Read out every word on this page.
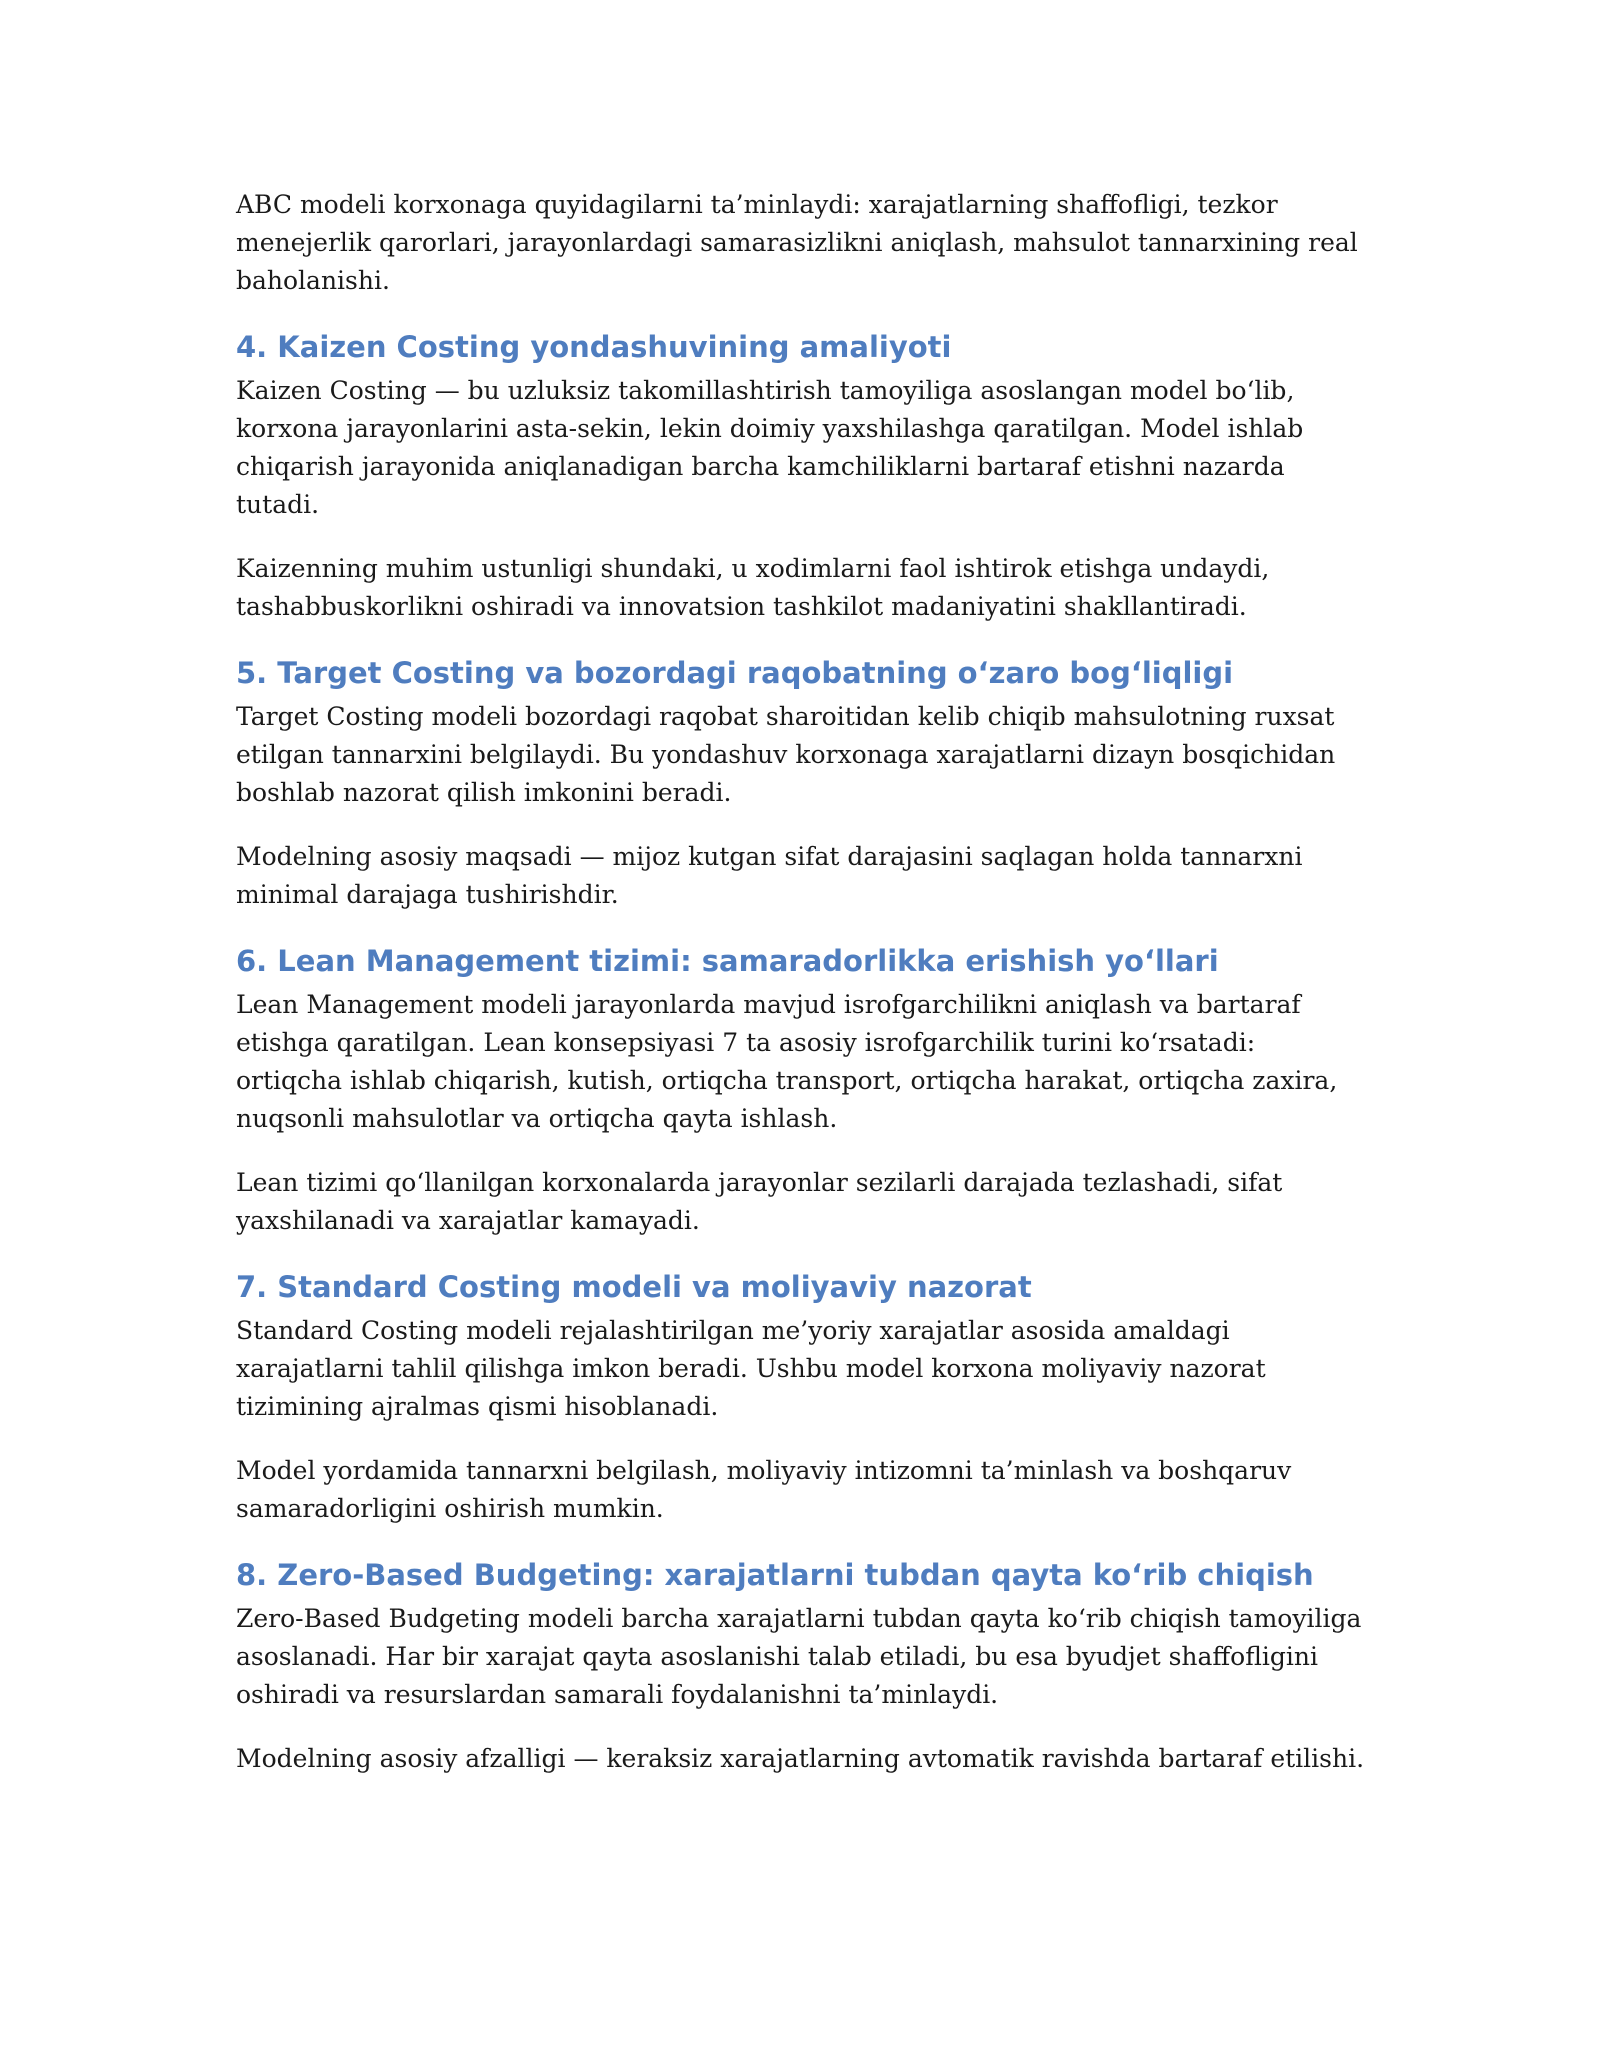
ABC modeli korxonaga quyidagilarni ta’minlaydi: xarajatlarning shaffofligi, tezkor menejerlik qarorlari, jarayonlardagi samarasizlikni aniqlash, mahsulot tannarxining real baholanishi.

4. Kaizen Costing yondashuvining amaliyoti

Kaizen Costing — bu uzluksiz takomillashtirish tamoyiliga asoslangan model bo‘lib, korxona jarayonlarini asta-sekin, lekin doimiy yaxshilashga qaratilgan. Model ishlab chiqarish jarayonida aniqlanadigan barcha kamchiliklarni bartaraf etishni nazarda tutadi.

Kaizenning muhim ustunligi shundaki, u xodimlarni faol ishtirok etishga undaydi, tashabbuskorlikni oshiradi va innovatsion tashkilot madaniyatini shakllantiradi.

5. Target Costing va bozordagi raqobatning o‘zaro bog‘liqligi

Target Costing modeli bozordagi raqobat sharoitidan kelib chiqib mahsulotning ruxsat etilgan tannarxini belgilaydi. Bu yondashuv korxonaga xarajatlarni dizayn bosqichidan boshlab nazorat qilish imkonini beradi.

Modelning asosiy maqsadi — mijoz kutgan sifat darajasini saqlagan holda tannarxni minimal darajaga tushirishdir.

6. Lean Management tizimi: samaradorlikka erishish yo‘llari

Lean Management modeli jarayonlarda mavjud isrofgarchilikni aniqlash va bartaraf etishga qaratilgan. Lean konsepsiyasi 7 ta asosiy isrofgarchilik turini ko‘rsatadi: ortiqcha ishlab chiqarish, kutish, ortiqcha transport, ortiqcha harakat, ortiqcha zaxira, nuqsonli mahsulotlar va ortiqcha qayta ishlash.

Lean tizimi qo‘llanilgan korxonalarda jarayonlar sezilarli darajada tezlashadi, sifat yaxshilanadi va xarajatlar kamayadi.

7. Standard Costing modeli va moliyaviy nazorat

Standard Costing modeli rejalashtirilgan me’yoriy xarajatlar asosida amaldagi xarajatlarni tahlil qilishga imkon beradi. Ushbu model korxona moliyaviy nazorat tizimining ajralmas qismi hisoblanadi.

Model yordamida tannarxni belgilash, moliyaviy intizomni ta’minlash va boshqaruv samaradorligini oshirish mumkin.

8. Zero-Based Budgeting: xarajatlarni tubdan qayta ko‘rib chiqish

Zero-Based Budgeting modeli barcha xarajatlarni tubdan qayta ko‘rib chiqish tamoyiliga asoslanadi. Har bir xarajat qayta asoslanishi talab etiladi, bu esa byudjet shaffofligini oshiradi va resurslardan samarali foydalanishni ta’minlaydi.

Modelning asosiy afzalligi — keraksiz xarajatlarning avtomatik ravishda bartaraf etilishi.
